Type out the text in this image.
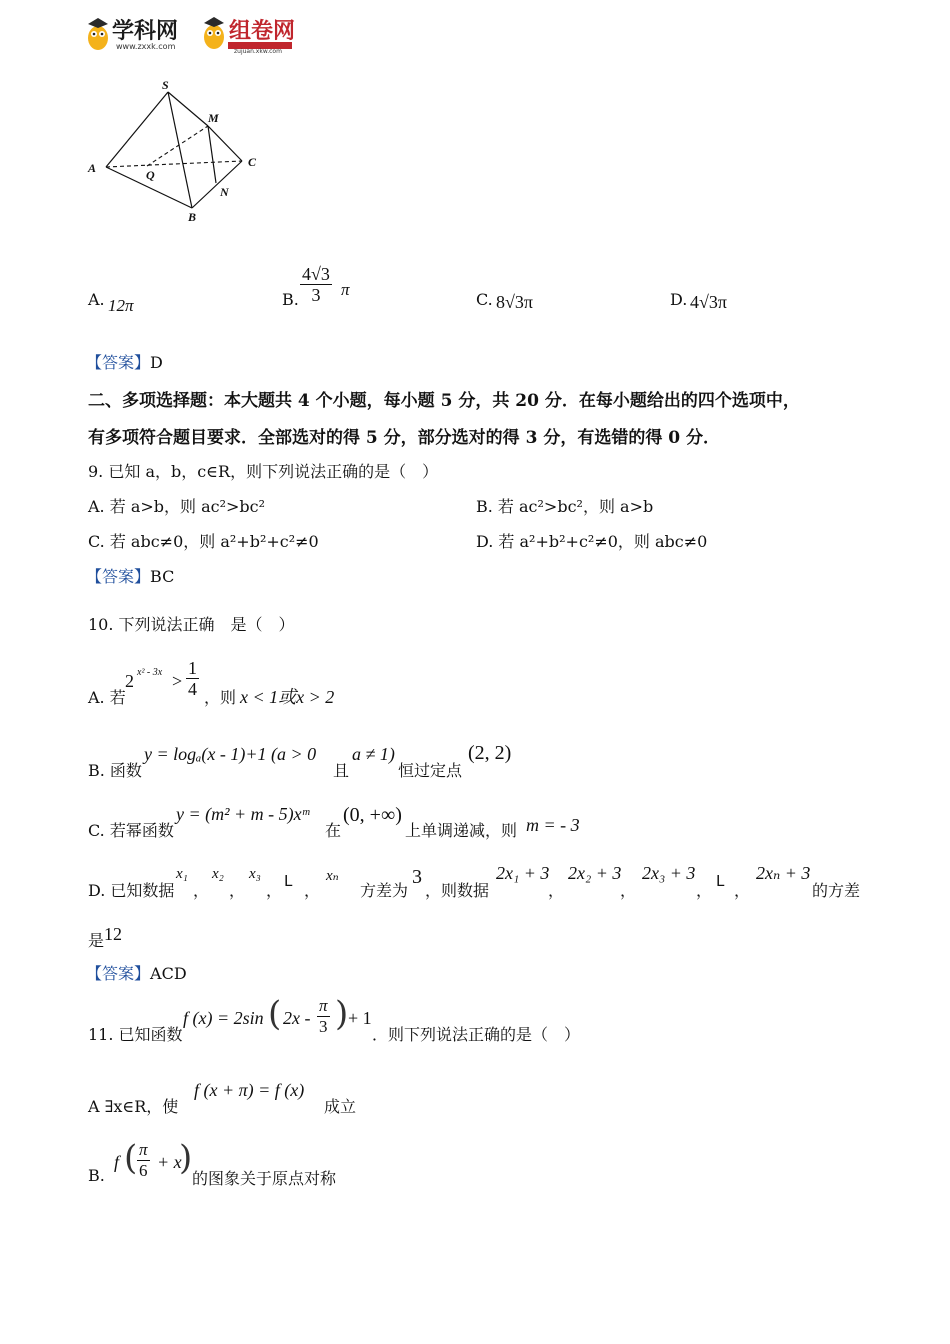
学科网
www.zxxk.com
组卷网
zujuan.xkw.com
S
M
A	Q
C
N
B
A. 12π	B. $\frac{4√3}{3}$ π
C. 8√3π	D. 4√3π
【答案】D
二、多项选择题：本大题共 4 个小题，每小题 5 分，共 20 分．在每小题给出的四个选项中，
有多项符合题目要求．全部选对的得 5 分，部分选对的得 3 分，有选错的得 0 分．
9. 已知 a，b，c∈R，则下列说法正确的是（　）
A. 若 a>b，则 ac²>bc²	B. 若 ac²>bc²，则 a>b
C. 若 abc≠0，则 a²+b²+c²≠0	D. 若 a²+b²+c²≠0，则 abc≠0
【答案】BC
10. 下列说法正确　是（　）
A. 若
2 $x^2 - 3x > \frac{1}{4}$ ，则 x < 1或x > 2
B. 函数
y = logₐ(x - 1)+1 (a > 0
且
a ≠ 1)
恒过定点
(2, 2)
C. 若幂函数
y = (m² + m - 5)xᵐ
在
(0, +∞)
上单调递减，则 m = - 3
D. 已知数据
x₁
，
x₂
，
x₃
， L ，
xₙ
方差为
3
，则数据
2x₁ + 3
，
2x₂ + 3
，
2x₃ + 3
， L ，
2xₙ + 3
的方差
是 12
【答案】ACD
11. 已知函数
f (x) = 2sin ( $2x - \frac{\pi}{3}$ ) + 1
．则下列说法正确的是（　）
A ∃x∈R，使
f (x + π) = f (x)
成立
B.
f ( $\frac{\pi}{6} + x$
)
的图象关于原点对称
